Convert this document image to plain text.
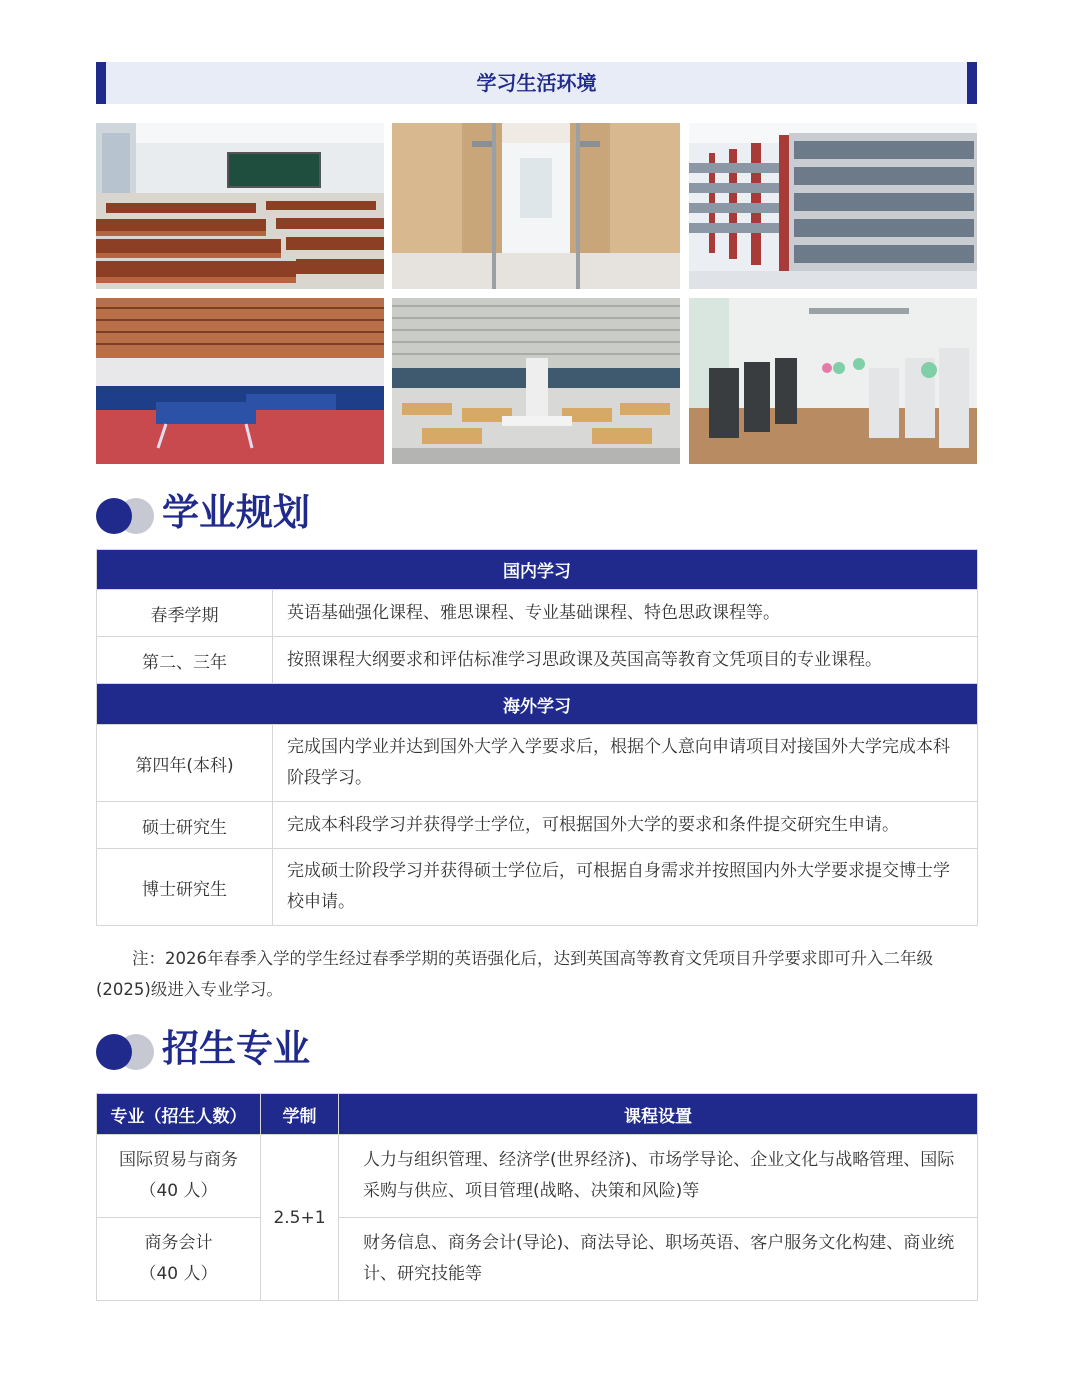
学习生活环境
学业规划
国内学习	
春季学期	英语基础强化课程、雅思课程、专业基础课程、特色思政课程等。
第二、三年	按照课程大纲要求和评估标准学习思政课及英国高等教育文凭项目的专业课程。
海外学习	
第四年(本科)	完成国内学业并达到国外大学入学要求后，根据个人意向申请项目对接国外大学完成本科阶段学习。
硕士研究生	完成本科段学习并获得学士学位，可根据国外大学的要求和条件提交研究生申请。
博士研究生	完成硕士阶段学习并获得硕士学位后，可根据自身需求并按照国内外大学要求提交博士学校申请。
注：2026年春季入学的学生经过春季学期的英语强化后，达到英国高等教育文凭项目升学要求即可升入二年级(2025)级进入专业学习。
招生专业
专业（招生人数）	学制	课程设置

国际贸易与商务
（40 人）	2.5+1	人力与组织管理、经济学(世界经济)、市场学导论、企业文化与战略管理、国际采购与供应、项目管理(战略、决策和风险)等

商务会计
（40 人）		财务信息、商务会计(导论)、商法导论、职场英语、客户服务文化构建、商业统计、研究技能等
